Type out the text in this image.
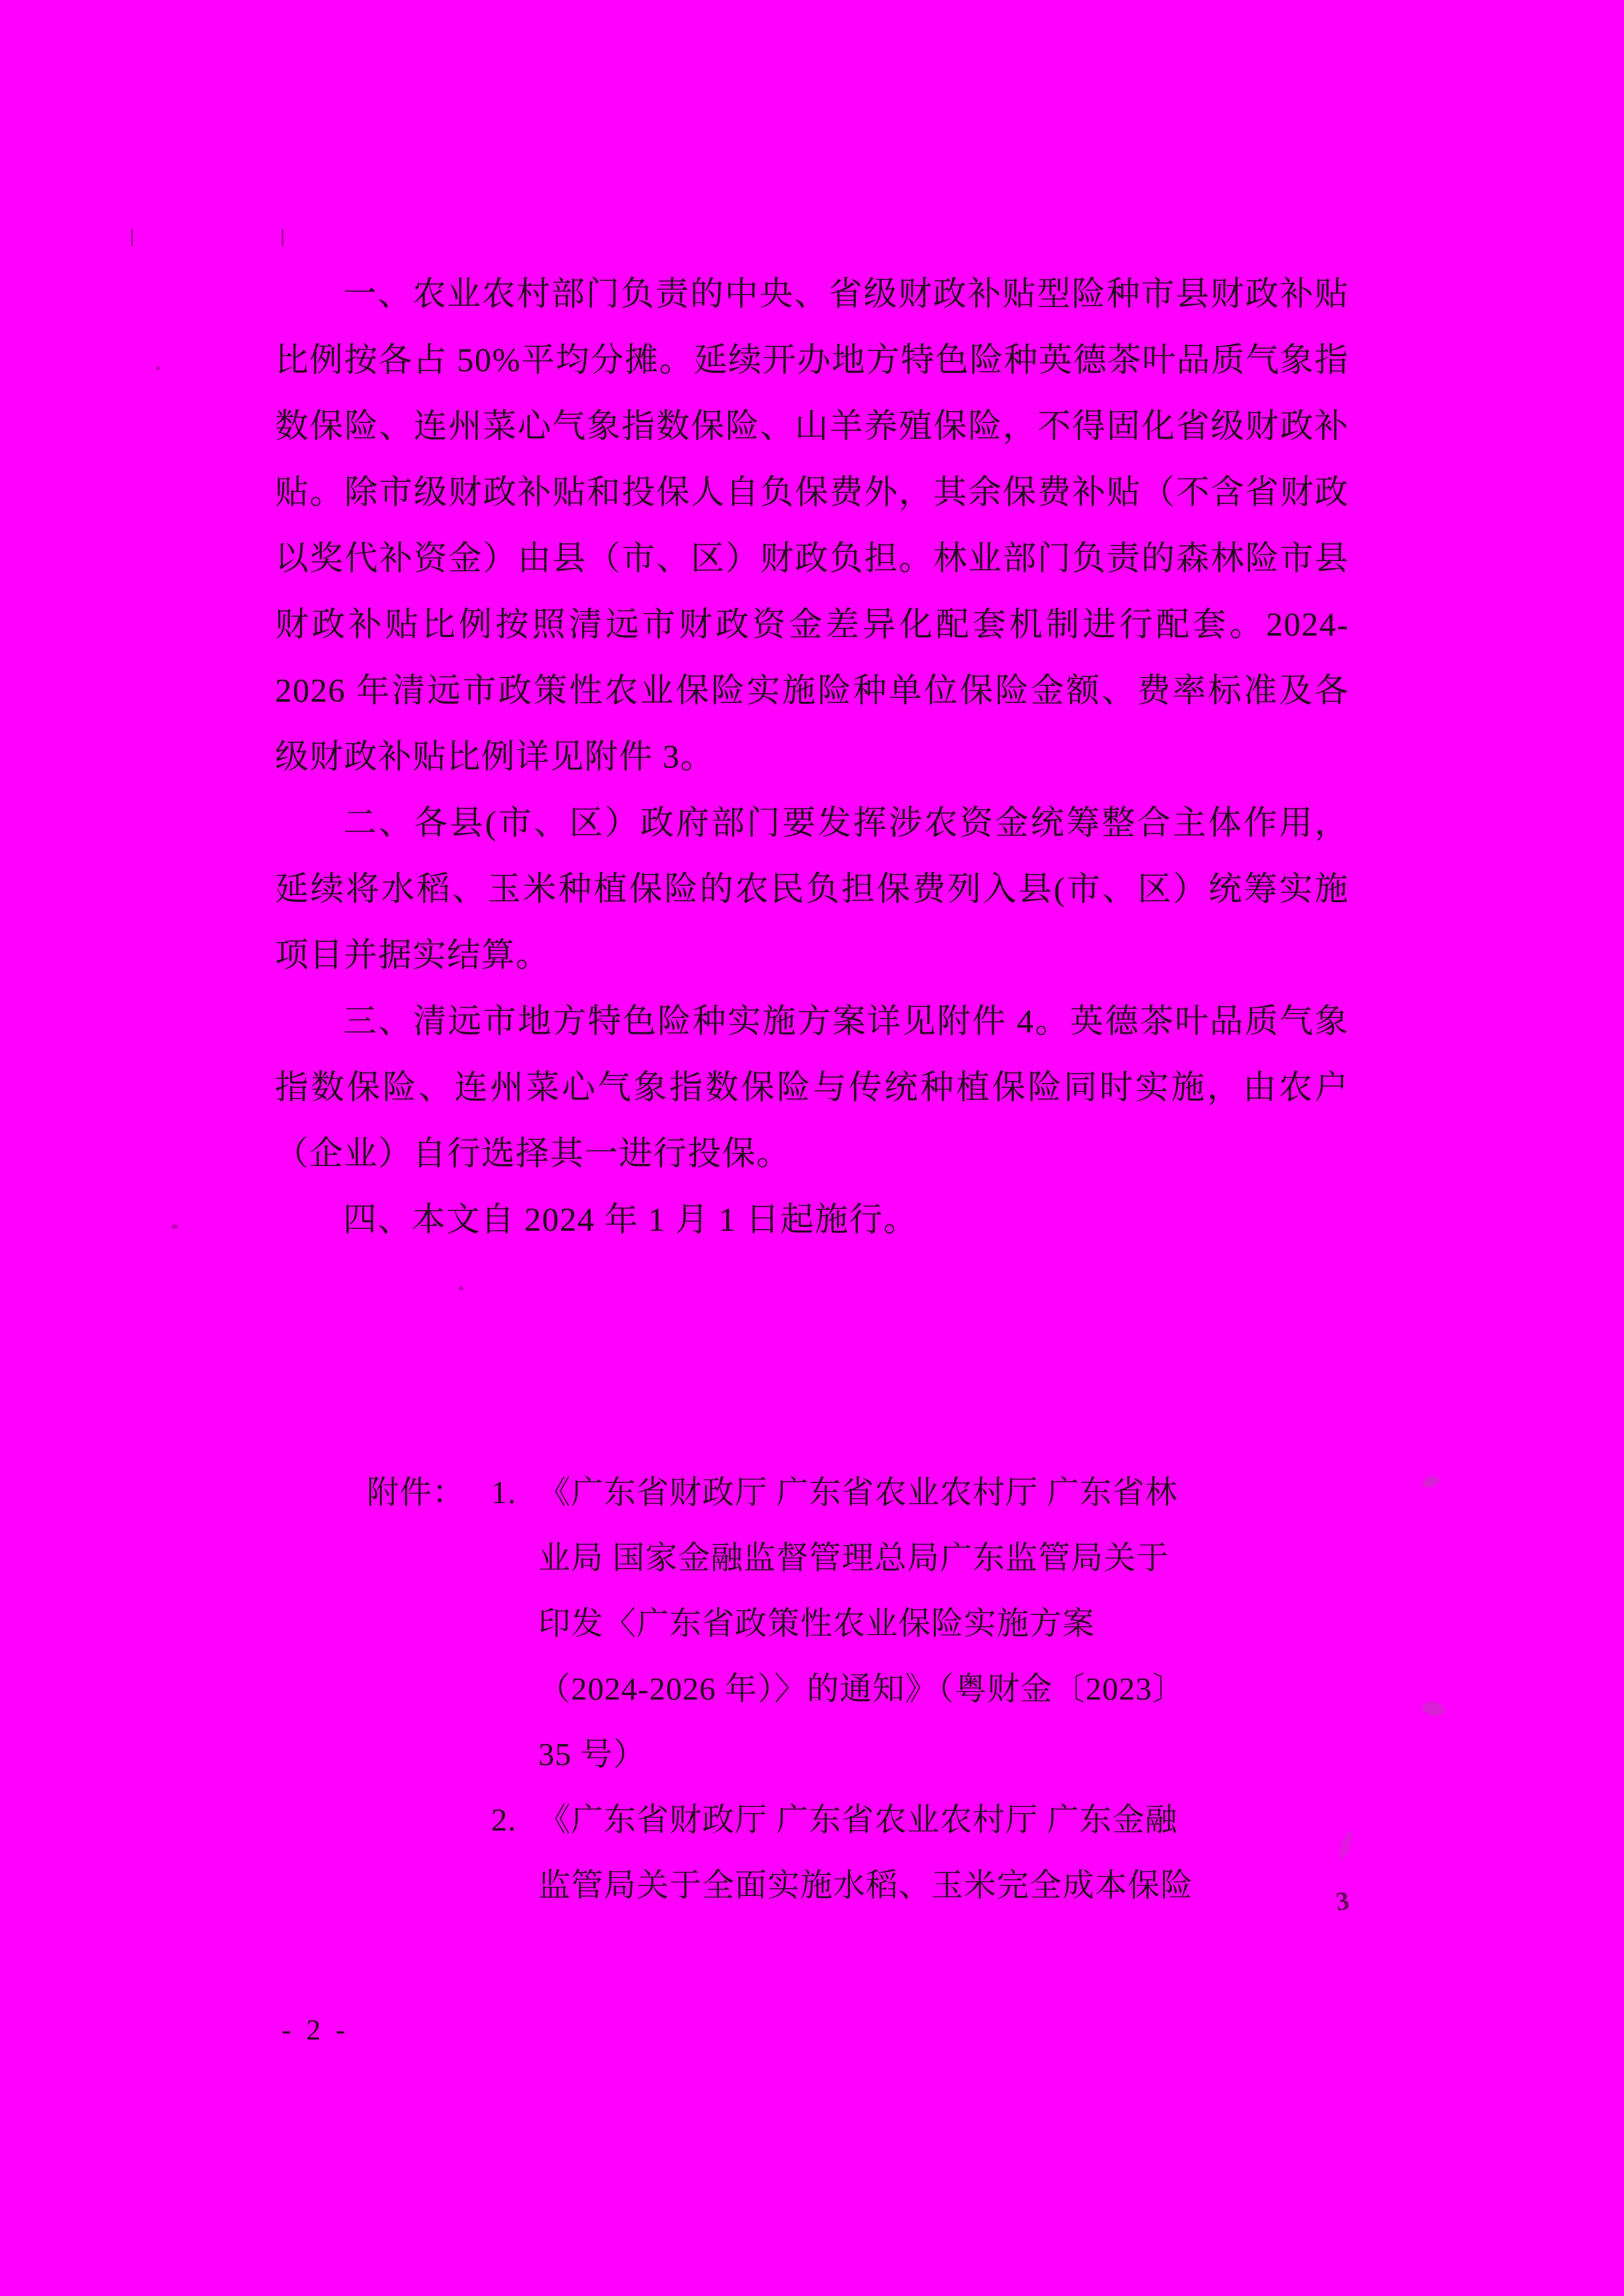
一、农业农村部门负责的中央、省级财政补贴型险种市县财政补贴比例按各占 50%平均分摊。延续开办地方特色险种英德茶叶品质气象指数保险、连州菜心气象指数保险、山羊养殖保险，不得固化省级财政补贴。除市级财政补贴和投保人自负保费外，其余保费补贴（不含省财政以奖代补资金）由县（市、区）财政负担。林业部门负责的森林险市县财政补贴比例按照清远市财政资金差异化配套机制进行配套。2024-2026 年清远市政策性农业保险实施险种单位保险金额、费率标准及各级财政补贴比例详见附件 3。

二、各县(市、区）政府部门要发挥涉农资金统筹整合主体作用，延续将水稻、玉米种植保险的农民负担保费列入县(市、区）统筹实施项目并据实结算。

三、清远市地方特色险种实施方案详见附件 4。英德茶叶品质气象指数保险、连州菜心气象指数保险与传统种植保险同时实施，由农户（企业）自行选择其一进行投保。

四、本文自 2024 年 1 月 1 日起施行。

附件： 1. 《广东省财政厅 广东省农业农村厅 广东省林
业局 国家金融监督管理总局广东监管局关于
印发〈广东省政策性农业保险实施方案
（2024-2026 年）〉的通知》（粤财金〔2023〕
35 号）
2. 《广东省财政厅 广东省农业农村厅 广东金融
监管局关于全面实施水稻、玉米完全成本保险	3
- 2 -
